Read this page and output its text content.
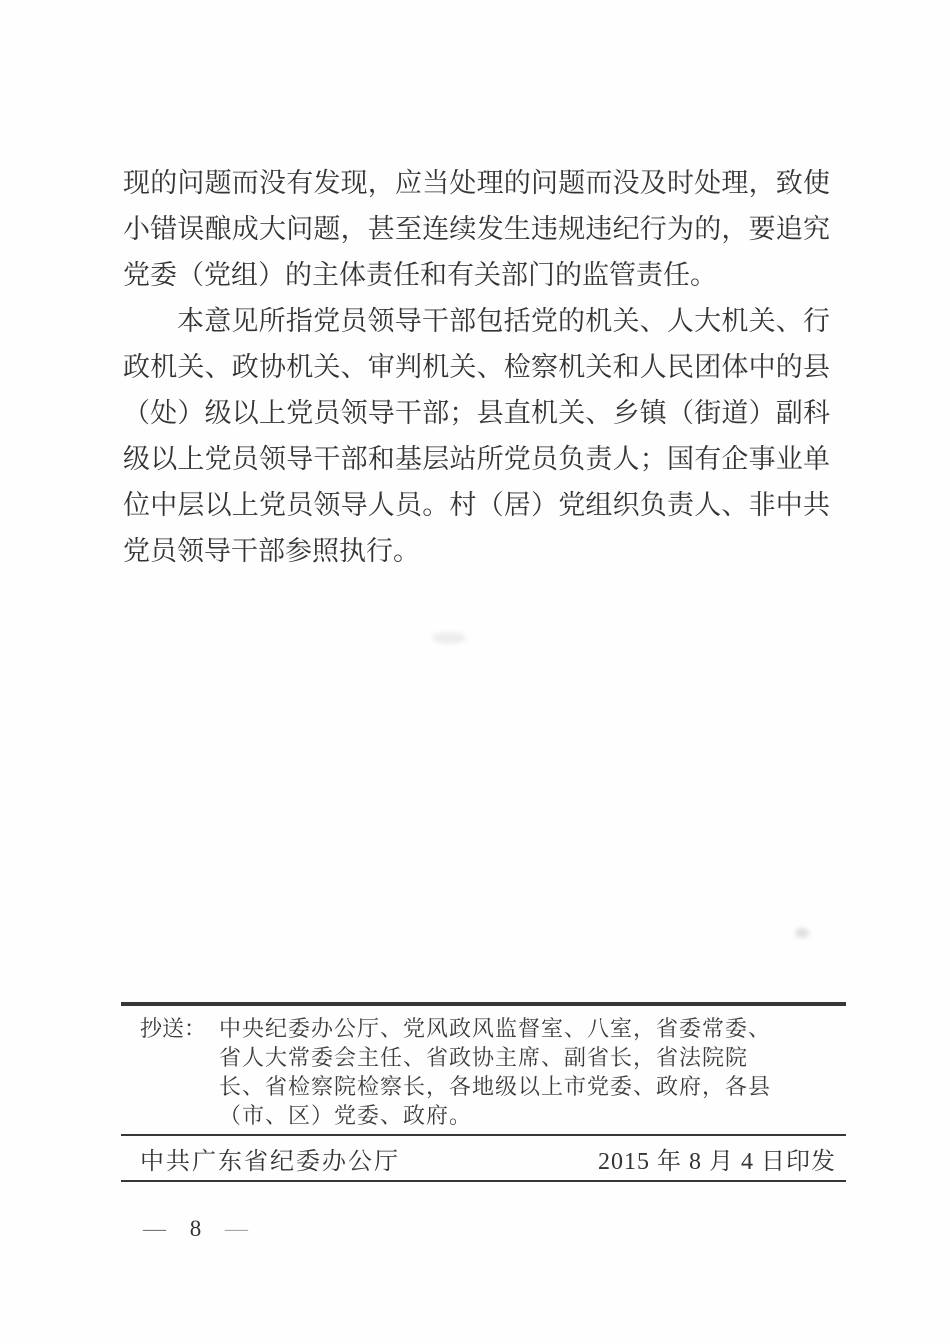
现的问题而没有发现，应当处理的问题而没及时处理，致使
小错误酿成大问题，甚至连续发生违规违纪行为的，要追究
党委（党组）的主体责任和有关部门的监管责任。
本意见所指党员领导干部包括党的机关、人大机关、行
政机关、政协机关、审判机关、检察机关和人民团体中的县
（处）级以上党员领导干部；县直机关、乡镇（街道）副科
级以上党员领导干部和基层站所党员负责人；国有企事业单
位中层以上党员领导人员。村（居）党组织负责人、非中共
党员领导干部参照执行。
抄送： 中央纪委办公厅、党风政风监督室、八室，省委常委、
省人大常委会主任、省政协主席、副省长，省法院院
长、省检察院检察长，各地级以上市党委、政府，各县
（市、区）党委、政府。
中共广东省纪委办公厅	2015 年 8 月 4 日印发
— 8 —
